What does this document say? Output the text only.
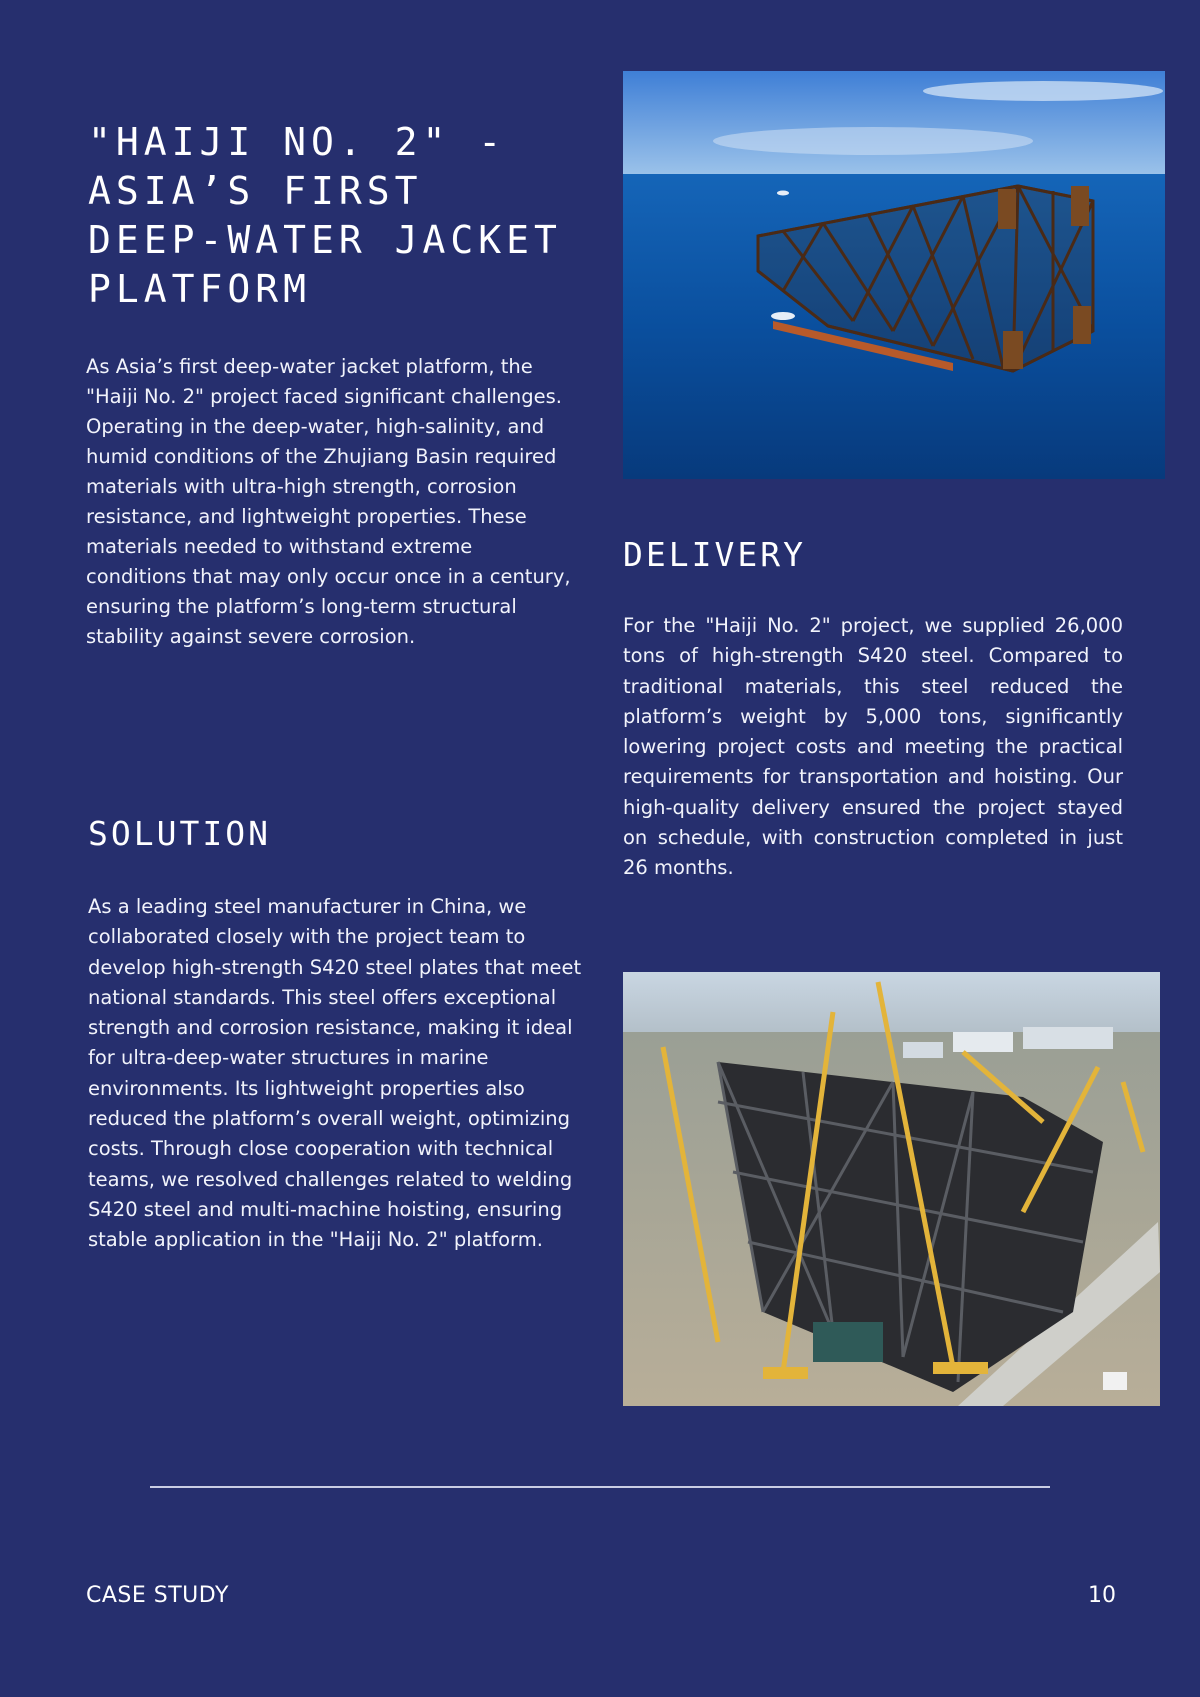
"HAIJI NO. 2" -
ASIA’S FIRST
DEEP-WATER JACKET
PLATFORM

As Asia’s first deep-water jacket platform, the "Haiji No. 2" project faced significant challenges. Operating in the deep-water, high-salinity, and humid conditions of the Zhujiang Basin required materials with ultra-high strength, corrosion resistance, and lightweight properties. These materials needed to withstand extreme conditions that may only occur once in a century, ensuring the platform’s long-term structural stability against severe corrosion.

SOLUTION

As a leading steel manufacturer in China, we collaborated closely with the project team to develop high-strength S420 steel plates that meet national standards. This steel offers exceptional strength and corrosion resistance, making it ideal for ultra-deep-water structures in marine environments. Its lightweight properties also reduced the platform’s overall weight, optimizing costs. Through close cooperation with technical teams, we resolved challenges related to welding S420 steel and multi-machine hoisting, ensuring stable application in the "Haiji No. 2" platform.

DELIVERY

For the "Haiji No. 2" project, we supplied 26,000 tons of high-strength S420 steel. Compared to traditional materials, this steel reduced the platform’s weight by 5,000 tons, significantly lowering project costs and meeting the practical requirements for transportation and hoisting. Our high-quality delivery ensured the project stayed on schedule, with construction completed in just 26 months.

CASE STUDY	10
